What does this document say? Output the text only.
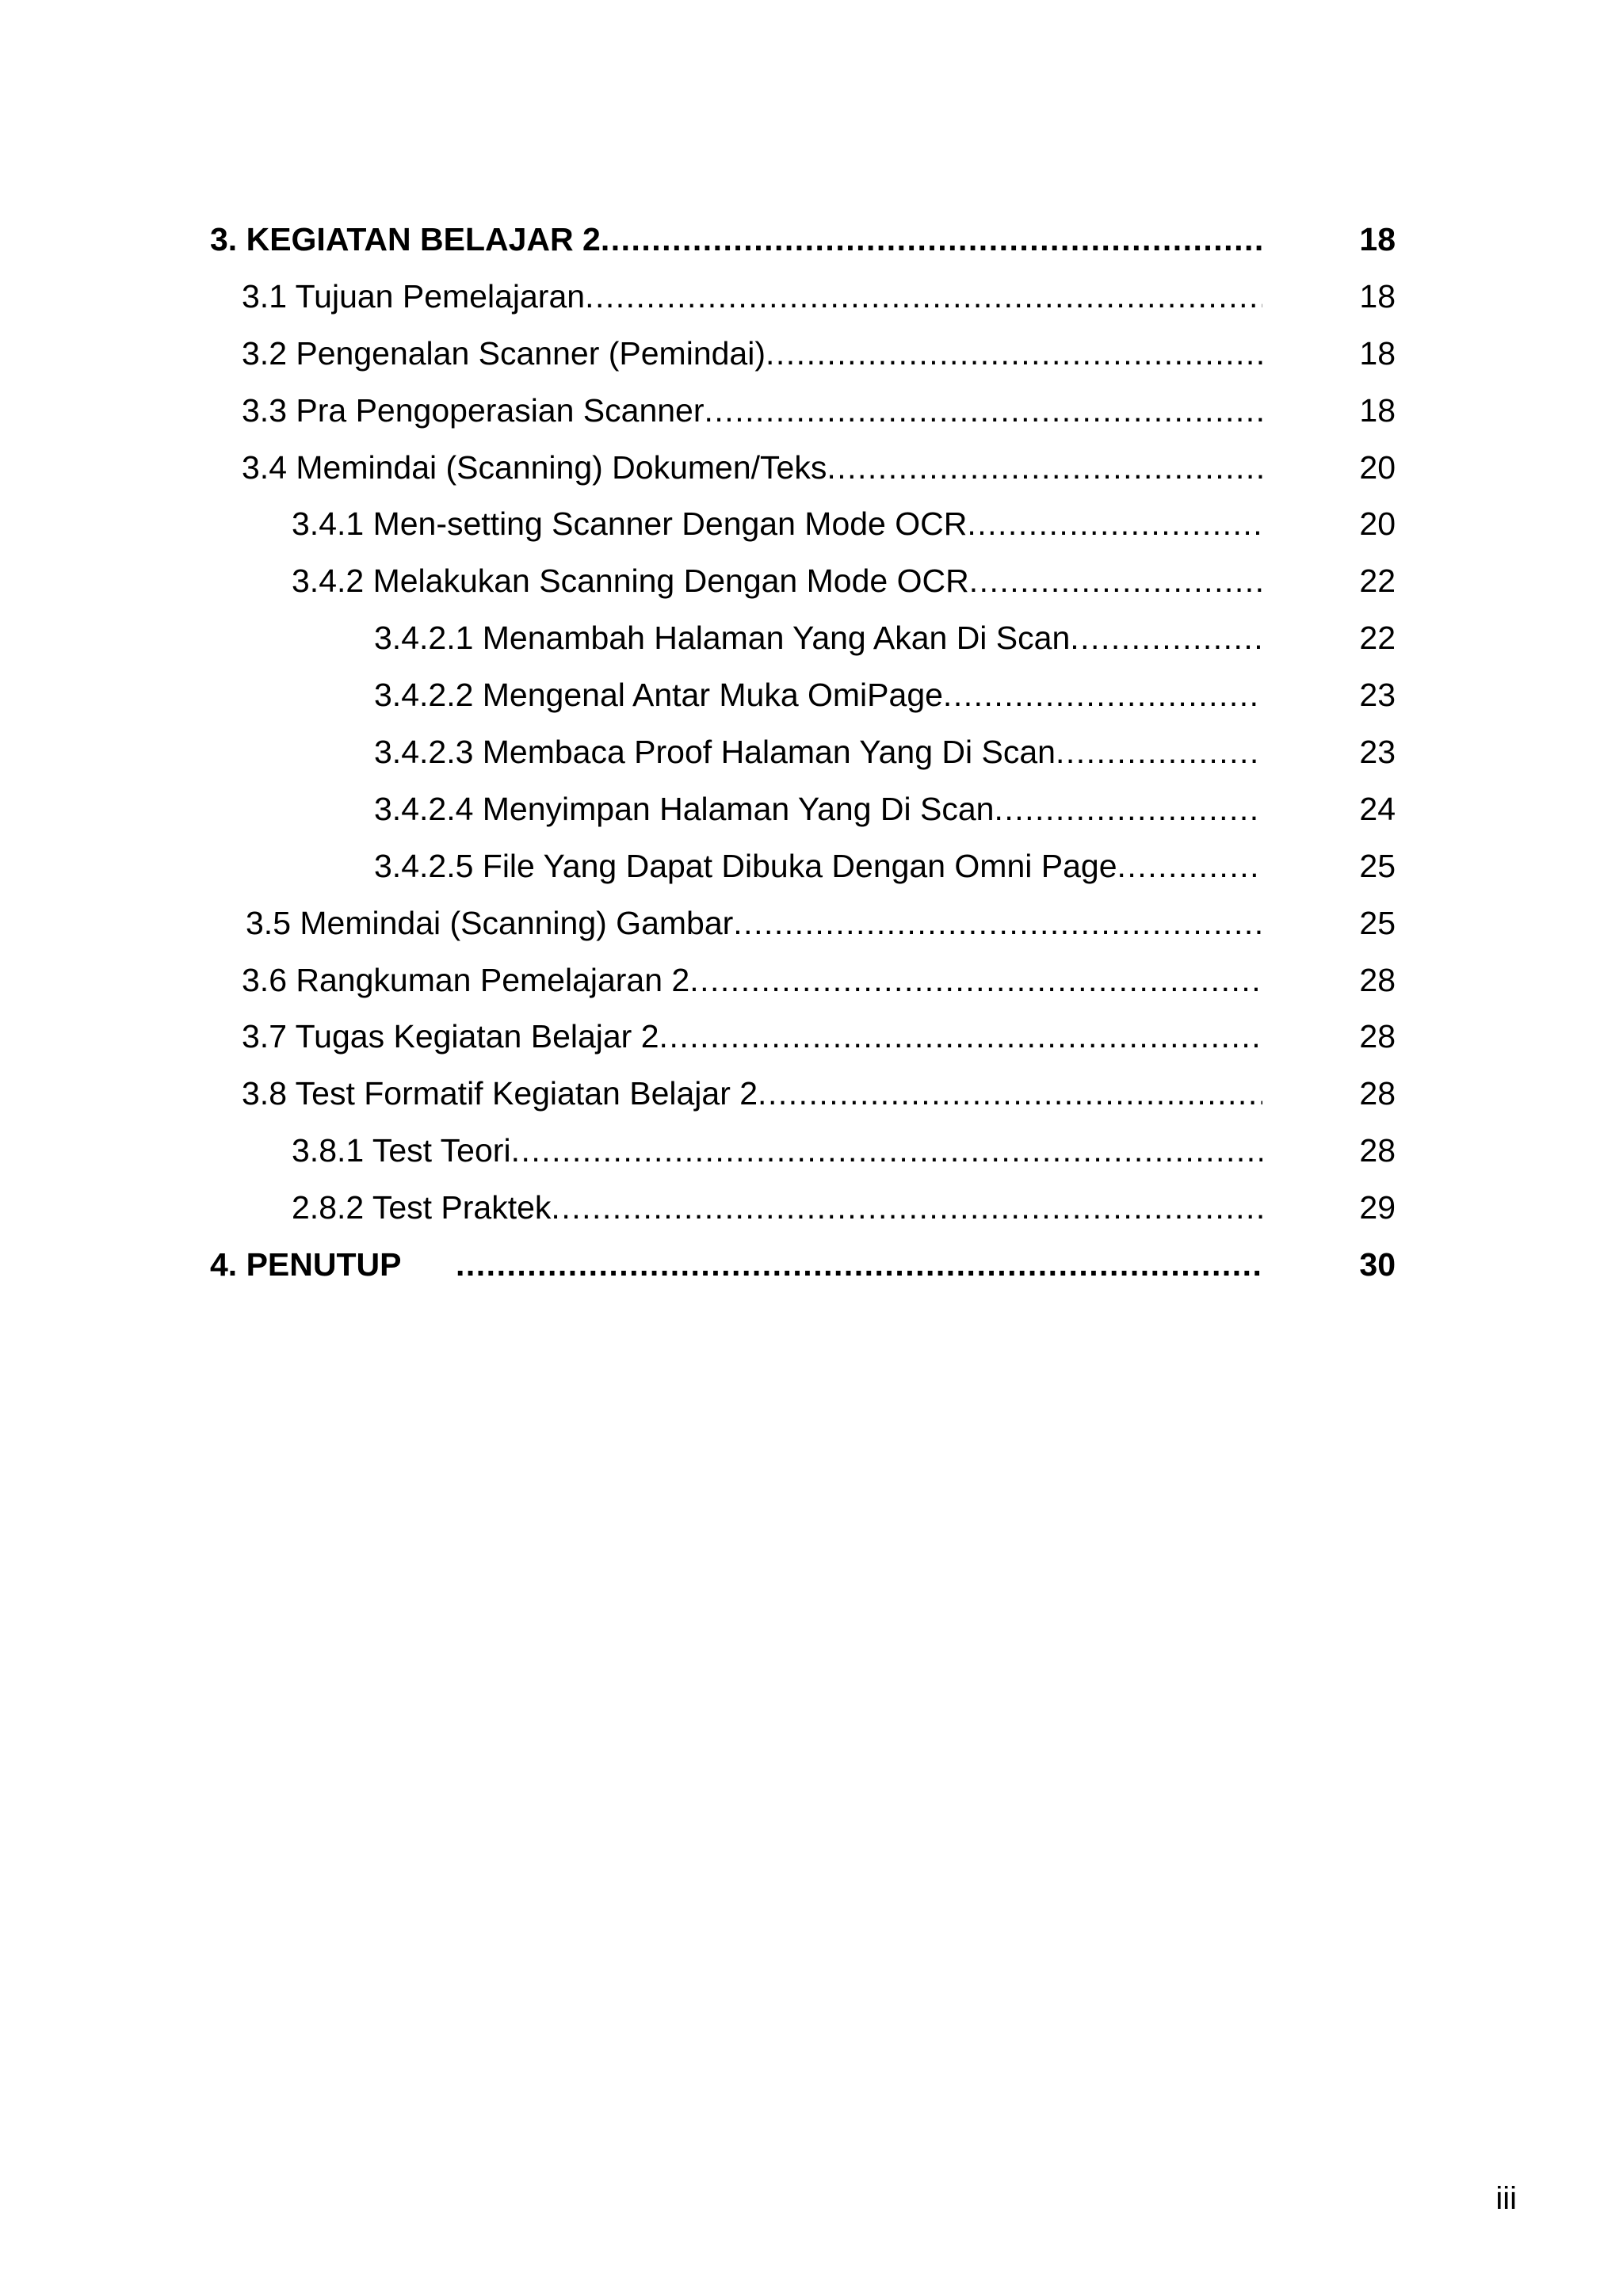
3. KEGIATAN BELAJAR 2 .....	18
3.1 Tujuan Pemelajaran .....	18
3.2 Pengenalan Scanner (Pemindai) .....	18
3.3 Pra Pengoperasian Scanner .....	18
3.4 Memindai (Scanning) Dokumen/Teks .....	20
3.4.1 Men-setting Scanner Dengan Mode OCR .....	20
3.4.2 Melakukan Scanning Dengan Mode OCR .....	22
3.4.2.1 Menambah Halaman Yang Akan Di Scan .....	22
3.4.2.2 Mengenal Antar Muka OmiPage .....	23
3.4.2.3 Membaca Proof Halaman Yang Di Scan .....	23
3.4.2.4 Menyimpan Halaman Yang Di Scan .....	24
3.4.2.5 File Yang Dapat Dibuka Dengan Omni Page .....	25
3.5 Memindai (Scanning) Gambar .....	25
3.6 Rangkuman Pemelajaran 2 .....	28
3.7 Tugas Kegiatan Belajar 2 .....	28
3.8 Test Formatif Kegiatan Belajar 2 .....	28
3.8.1 Test Teori .....	28
2.8.2 Test Praktek .....	29
4. PENUTUP .....	30
iii
